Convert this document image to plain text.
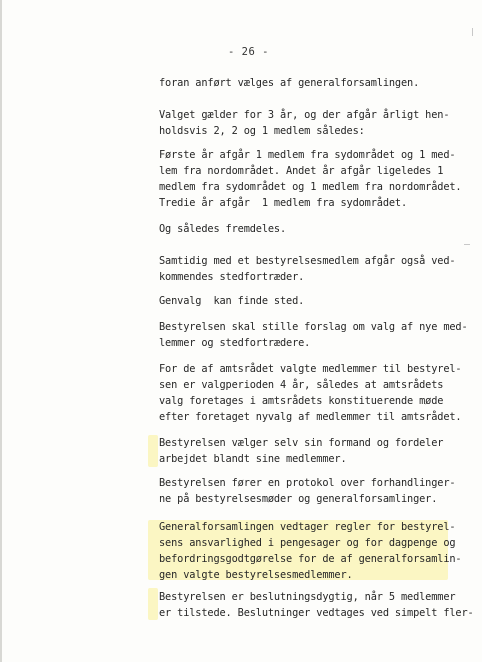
- 26 -
foran anført vælges af generalforsamlingen.
Valget gælder for 3 år, og der afgår årligt hen-
holdsvis 2, 2 og 1 medlem således:
Første år afgår 1 medlem fra sydområdet og 1 med-
lem fra nordområdet. Andet år afgår ligeledes 1
medlem fra sydområdet og 1 medlem fra nordområdet.
Tredie år afgår  1 medlem fra sydområdet.
Og således fremdeles.
Samtidig med et bestyrelsesmedlem afgår også ved-
kommendes stedfortræder.
Genvalg  kan finde sted.
Bestyrelsen skal stille forslag om valg af nye med-
lemmer og stedfortrædere.
For de af amtsrådet valgte medlemmer til bestyrel-
sen er valgperioden 4 år, således at amtsrådets
valg foretages i amtsrådets konstituerende møde
efter foretaget nyvalg af medlemmer til amtsrådet.
Bestyrelsen vælger selv sin formand og fordeler
arbejdet blandt sine medlemmer.
Bestyrelsen fører en protokol over forhandlinger-
ne på bestyrelsesmøder og generalforsamlinger.
Generalforsamlingen vedtager regler for bestyrel-
sens ansvarlighed i pengesager og for dagpenge og
befordringsgodtgørelse for de af generalforsamlin-
gen valgte bestyrelsesmedlemmer.
Bestyrelsen er beslutningsdygtig, når 5 medlemmer
er tilstede. Beslutninger vedtages ved simpelt fler-
